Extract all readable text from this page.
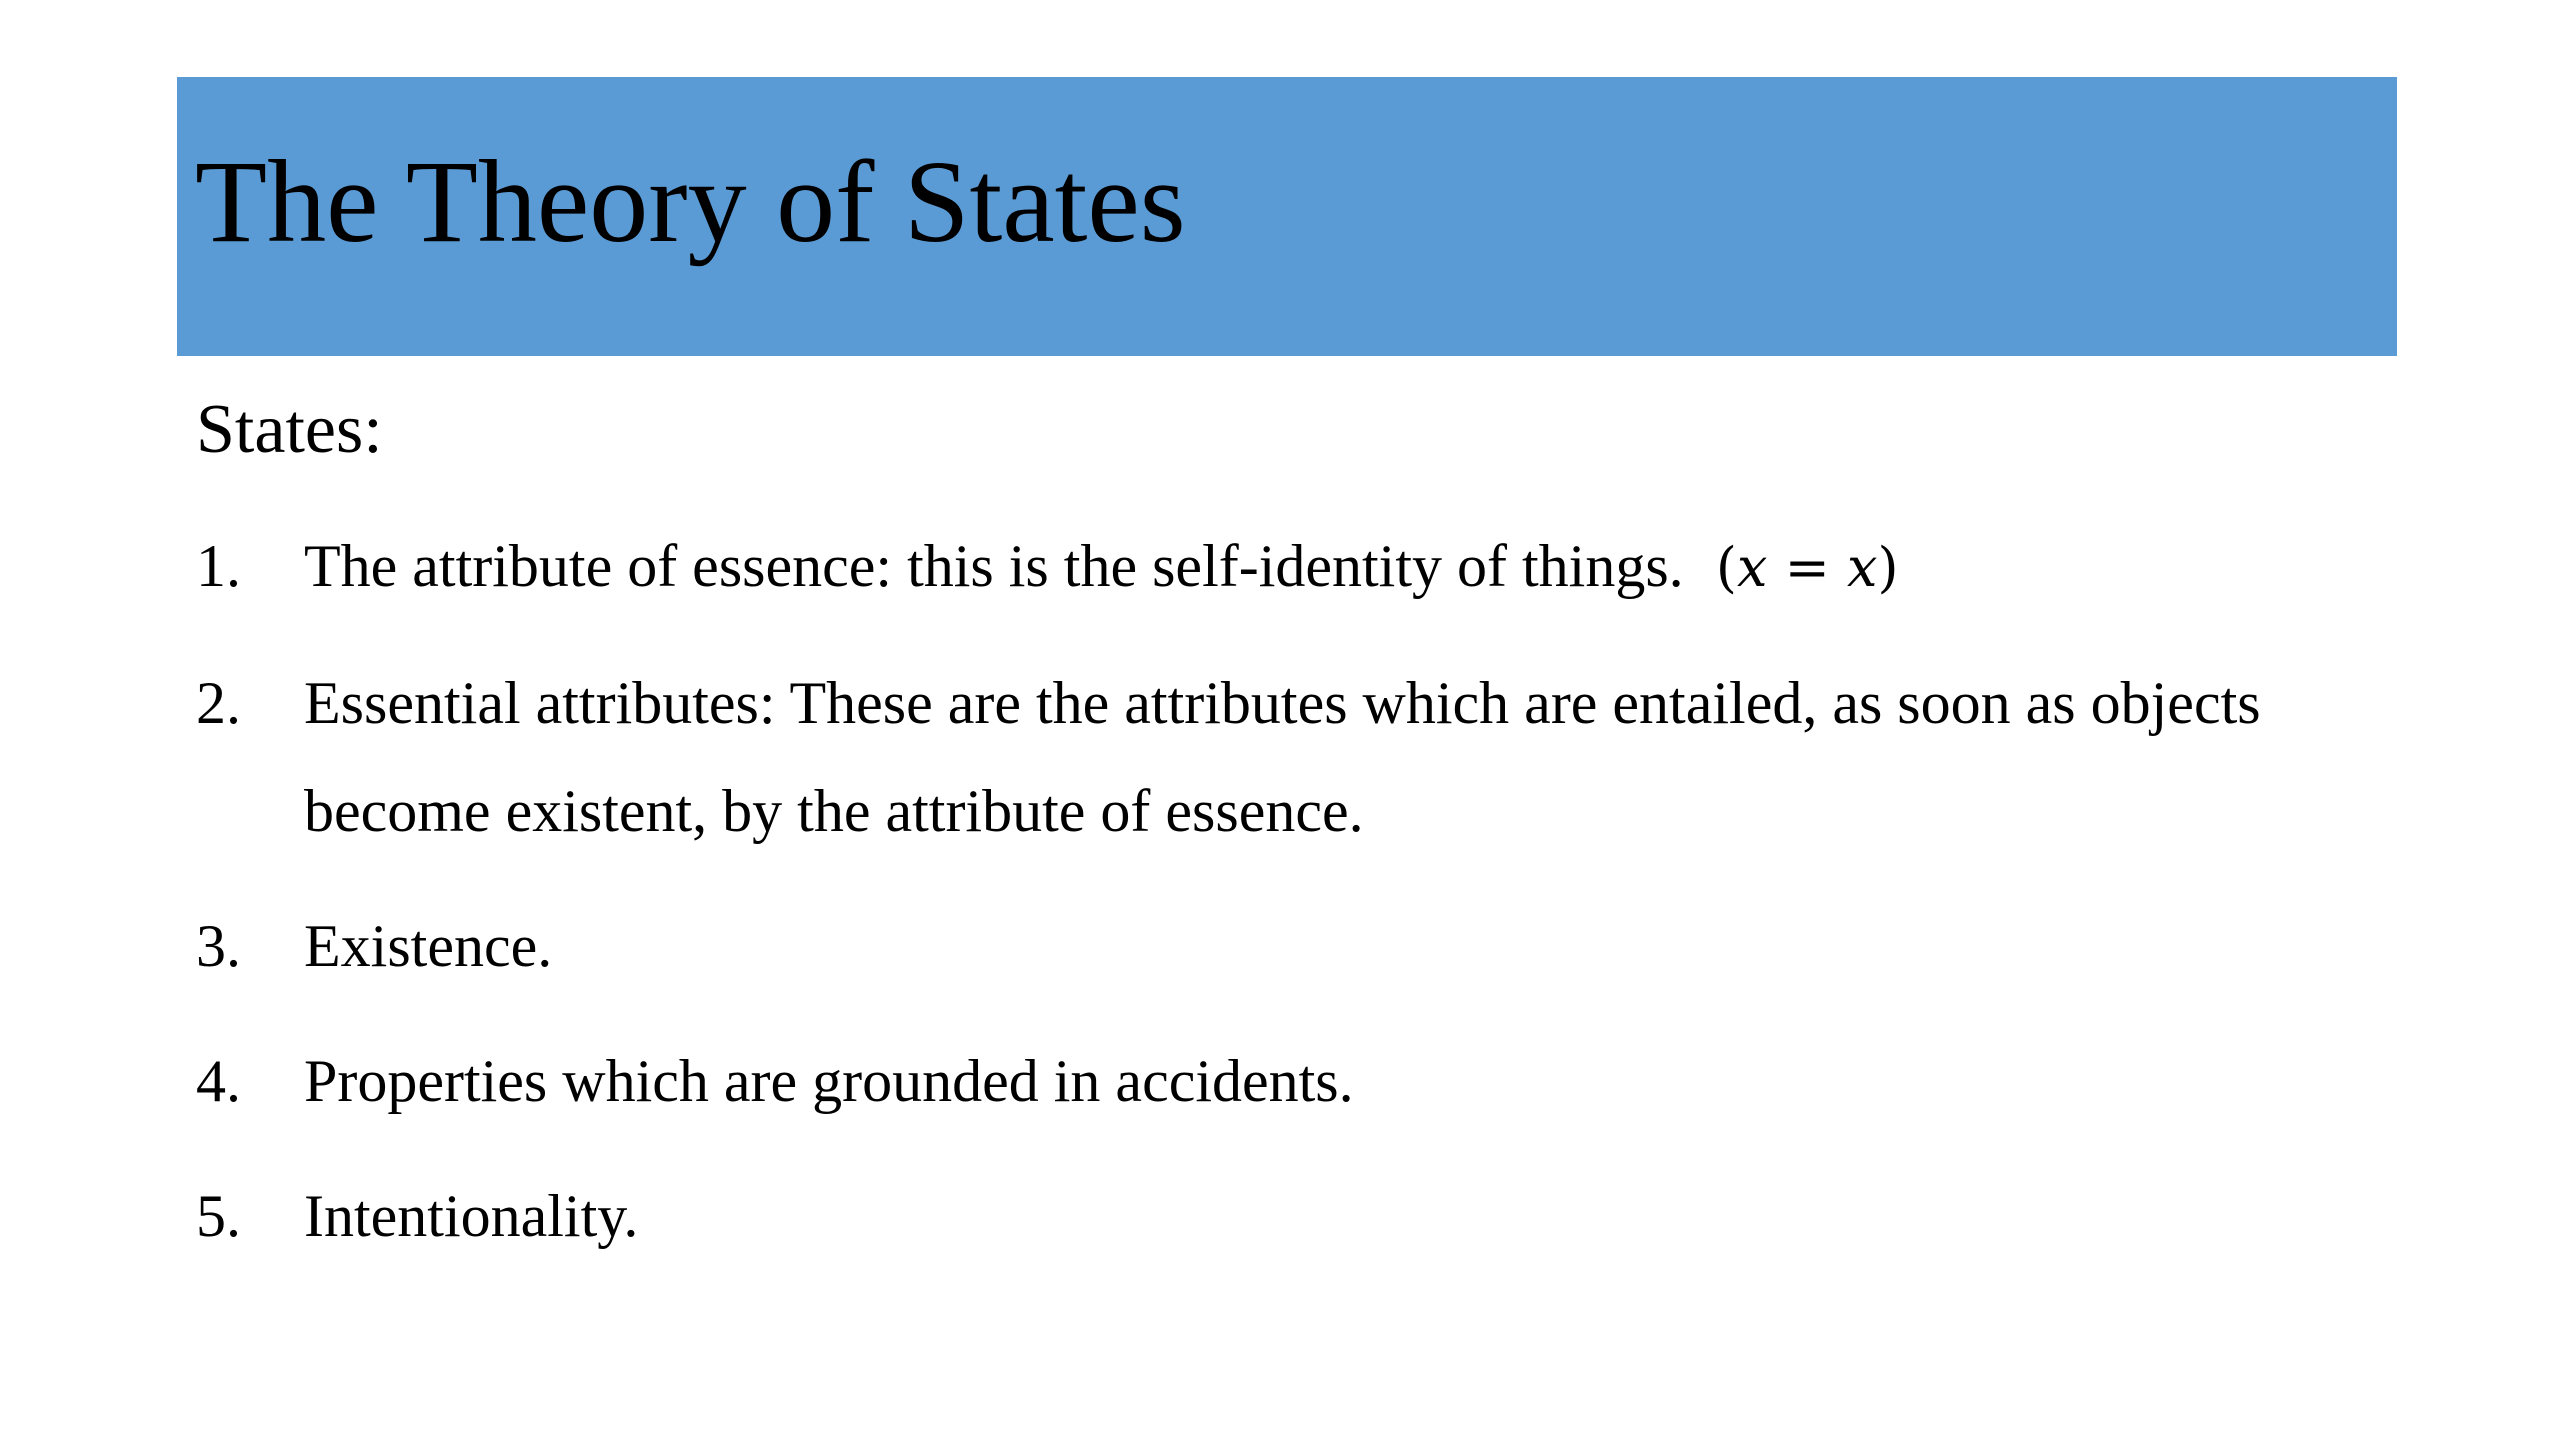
The Theory of States
States:
1.	The attribute of essence: this is the self-identity of things. (x = x)
2.	Essential attributes: These are the attributes which are entailed, as soon as objects become existent, by the attribute of essence.
3.	Existence.
4.	Properties which are grounded in accidents.
5.	Intentionality.
